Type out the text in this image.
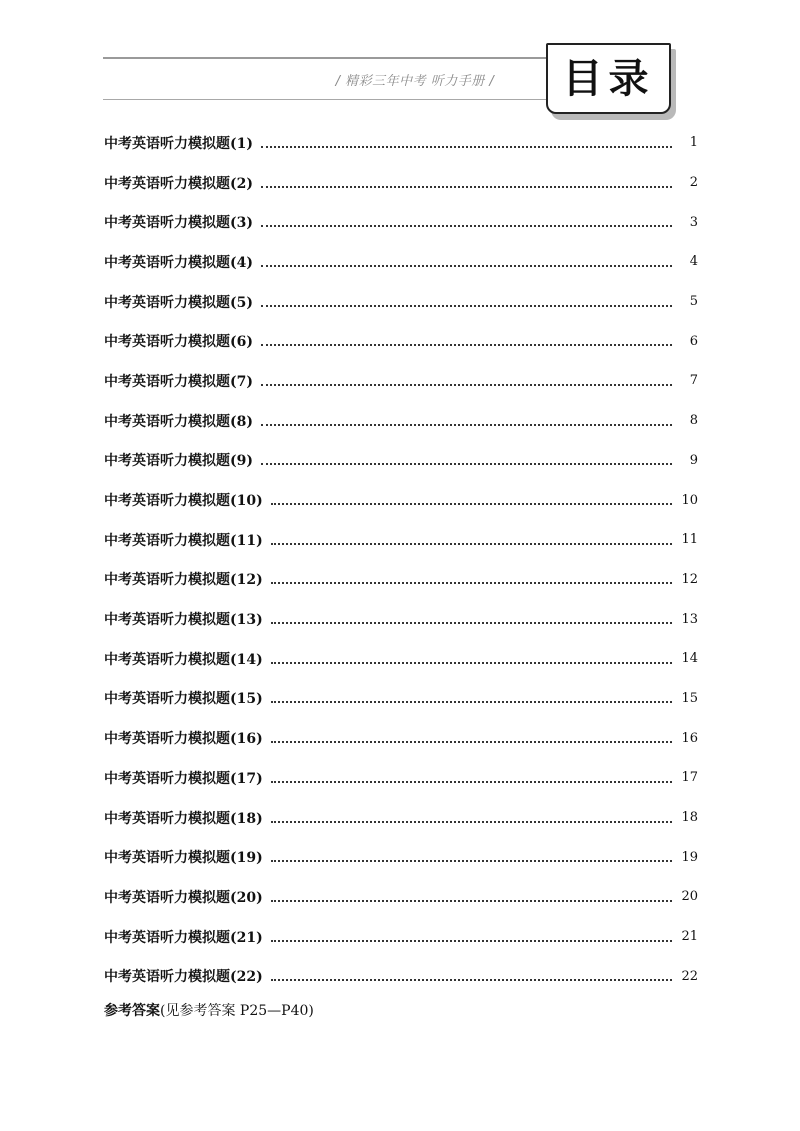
/ 精彩三年中考 听力手册 /	目录
中考英语听力模拟题(1)	1
中考英语听力模拟题(2)	2
中考英语听力模拟题(3)	3
中考英语听力模拟题(4)	4
中考英语听力模拟题(5)	5
中考英语听力模拟题(6)	6
中考英语听力模拟题(7)	7
中考英语听力模拟题(8)	8
中考英语听力模拟题(9)	9
中考英语听力模拟题(10)	10
中考英语听力模拟题(11)	11
中考英语听力模拟题(12)	12
中考英语听力模拟题(13)	13
中考英语听力模拟题(14)	14
中考英语听力模拟题(15)	15
中考英语听力模拟题(16)	16
中考英语听力模拟题(17)	17
中考英语听力模拟题(18)	18
中考英语听力模拟题(19)	19
中考英语听力模拟题(20)	20
中考英语听力模拟题(21)	21
中考英语听力模拟题(22)	22
参考答案(见参考答案 P25—P40)
